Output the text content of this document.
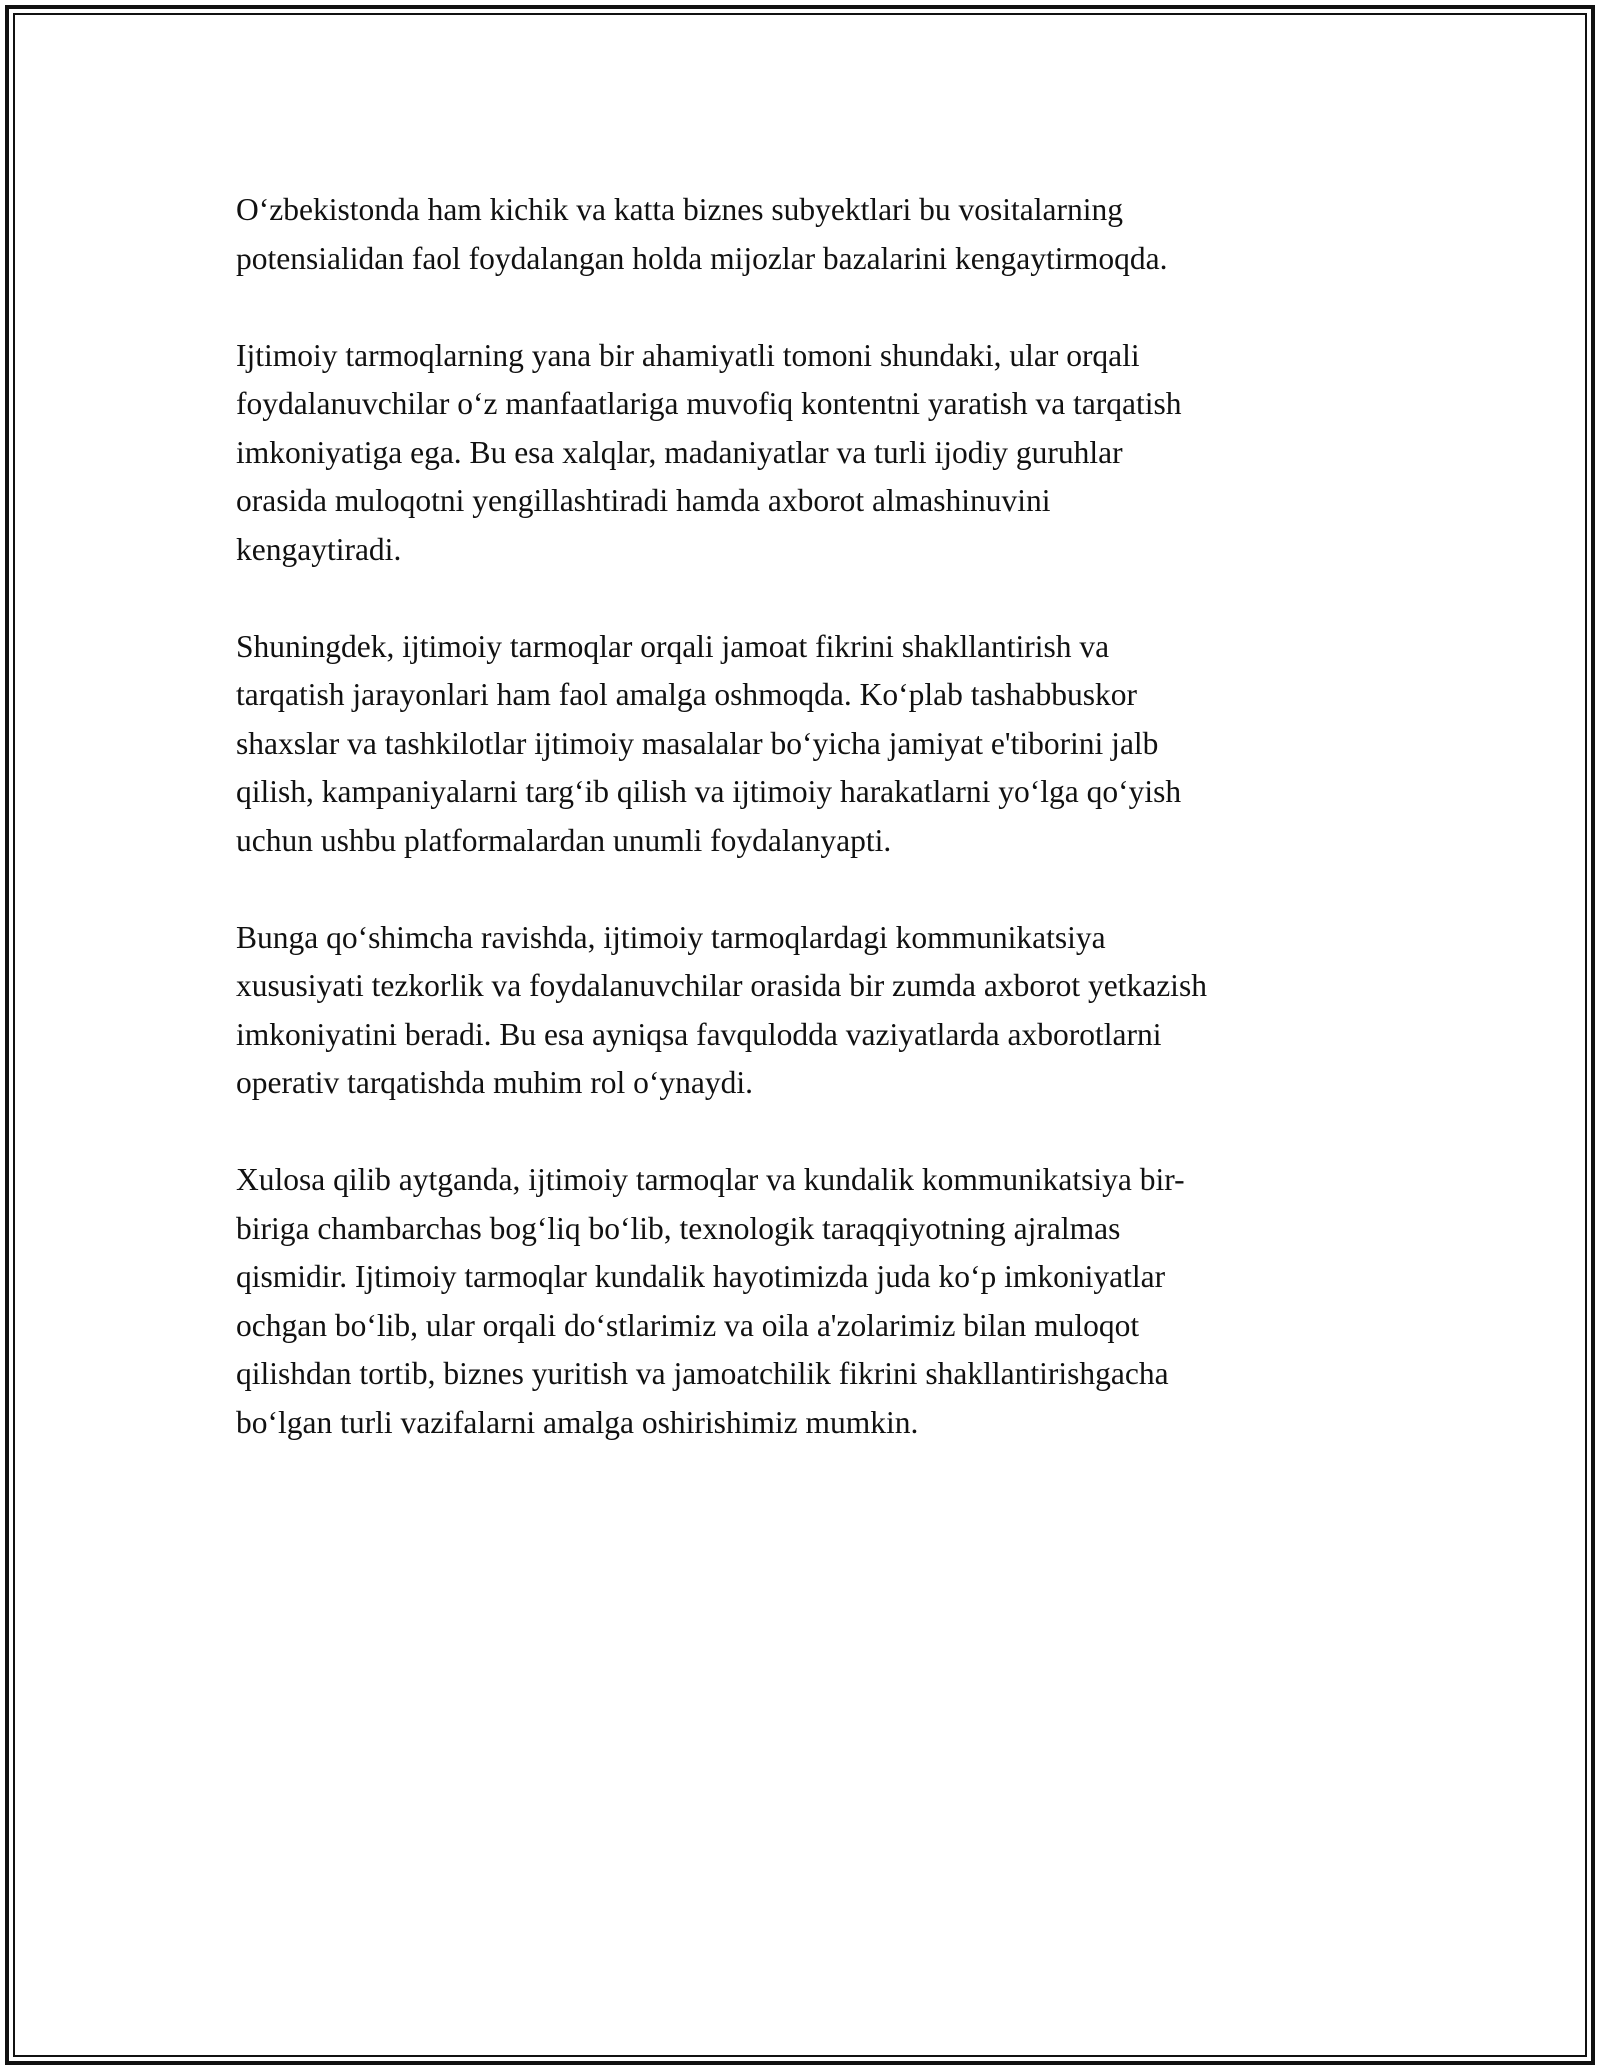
O‘zbekistonda ham kichik va katta biznes subyektlari bu vositalarning
potensialidan faol foydalangan holda mijozlar bazalarini kengaytirmoqda.

Ijtimoiy tarmoqlarning yana bir ahamiyatli tomoni shundaki, ular orqali
foydalanuvchilar o‘z manfaatlariga muvofiq kontentni yaratish va tarqatish
imkoniyatiga ega. Bu esa xalqlar, madaniyatlar va turli ijodiy guruhlar
orasida muloqotni yengillashtiradi hamda axborot almashinuvini
kengaytiradi.

Shuningdek, ijtimoiy tarmoqlar orqali jamoat fikrini shakllantirish va
tarqatish jarayonlari ham faol amalga oshmoqda. Ko‘plab tashabbuskor
shaxslar va tashkilotlar ijtimoiy masalalar bo‘yicha jamiyat e'tiborini jalb
qilish, kampaniyalarni targ‘ib qilish va ijtimoiy harakatlarni yo‘lga qo‘yish
uchun ushbu platformalardan unumli foydalanyapti.

Bunga qo‘shimcha ravishda, ijtimoiy tarmoqlardagi kommunikatsiya
xususiyati tezkorlik va foydalanuvchilar orasida bir zumda axborot yetkazish
imkoniyatini beradi. Bu esa ayniqsa favqulodda vaziyatlarda axborotlarni
operativ tarqatishda muhim rol o‘ynaydi.

Xulosa qilib aytganda, ijtimoiy tarmoqlar va kundalik kommunikatsiya bir-
biriga chambarchas bog‘liq bo‘lib, texnologik taraqqiyotning ajralmas
qismidir. Ijtimoiy tarmoqlar kundalik hayotimizda juda ko‘p imkoniyatlar
ochgan bo‘lib, ular orqali do‘stlarimiz va oila a'zolarimiz bilan muloqot
qilishdan tortib, biznes yuritish va jamoatchilik fikrini shakllantirishgacha
bo‘lgan turli vazifalarni amalga oshirishimiz mumkin.
